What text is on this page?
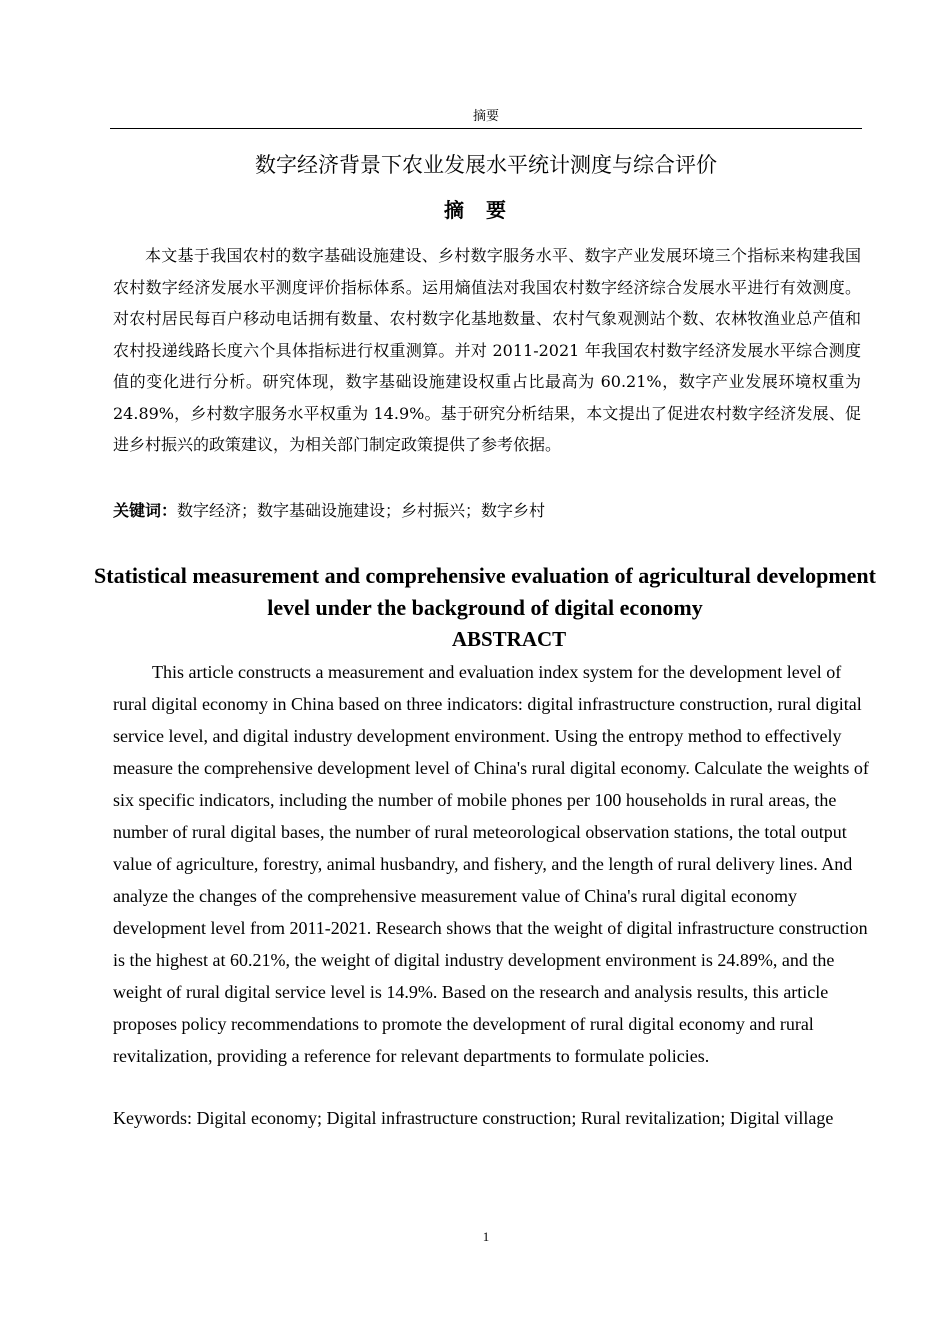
摘要
数字经济背景下农业发展水平统计测度与综合评价
摘要
本文基于我国农村的数字基础设施建设、乡村数字服务水平、数字产业发展环境三个指标来构建我国农村数字经济发展水平测度评价指标体系。运用熵值法对我国农村数字经济综合发展水平进行有效测度。对农村居民每百户移动电话拥有数量、农村数字化基地数量、农村气象观测站个数、农林牧渔业总产值和农村投递线路长度六个具体指标进行权重测算。并对 2011-2021 年我国农村数字经济发展水平综合测度值的变化进行分析。研究体现，数字基础设施建设权重占比最高为 60.21%，数字产业发展环境权重为 24.89%，乡村数字服务水平权重为 14.9%。基于研究分析结果，本文提出了促进农村数字经济发展、促进乡村振兴的政策建议，为相关部门制定政策提供了参考依据。
关键词：数字经济；数字基础设施建设；乡村振兴；数字乡村
Statistical measurement and comprehensive evaluation of agricultural development level under the background of digital economy
ABSTRACT
This article constructs a measurement and evaluation index system for the development level of rural digital economy in China based on three indicators: digital infrastructure construction, rural digital service level, and digital industry development environment. Using the entropy method to effectively measure the comprehensive development level of China's rural digital economy. Calculate the weights of six specific indicators, including the number of mobile phones per 100 households in rural areas, the number of rural digital bases, the number of rural meteorological observation stations, the total output value of agriculture, forestry, animal husbandry, and fishery, and the length of rural delivery lines. And analyze the changes of the comprehensive measurement value of China's rural digital economy development level from 2011-2021. Research shows that the weight of digital infrastructure construction is the highest at 60.21%, the weight of digital industry development environment is 24.89%, and the weight of rural digital service level is 14.9%. Based on the research and analysis results, this article proposes policy recommendations to promote the development of rural digital economy and rural revitalization, providing a reference for relevant departments to formulate policies.
Keywords: Digital economy; Digital infrastructure construction; Rural revitalization; Digital village
1
